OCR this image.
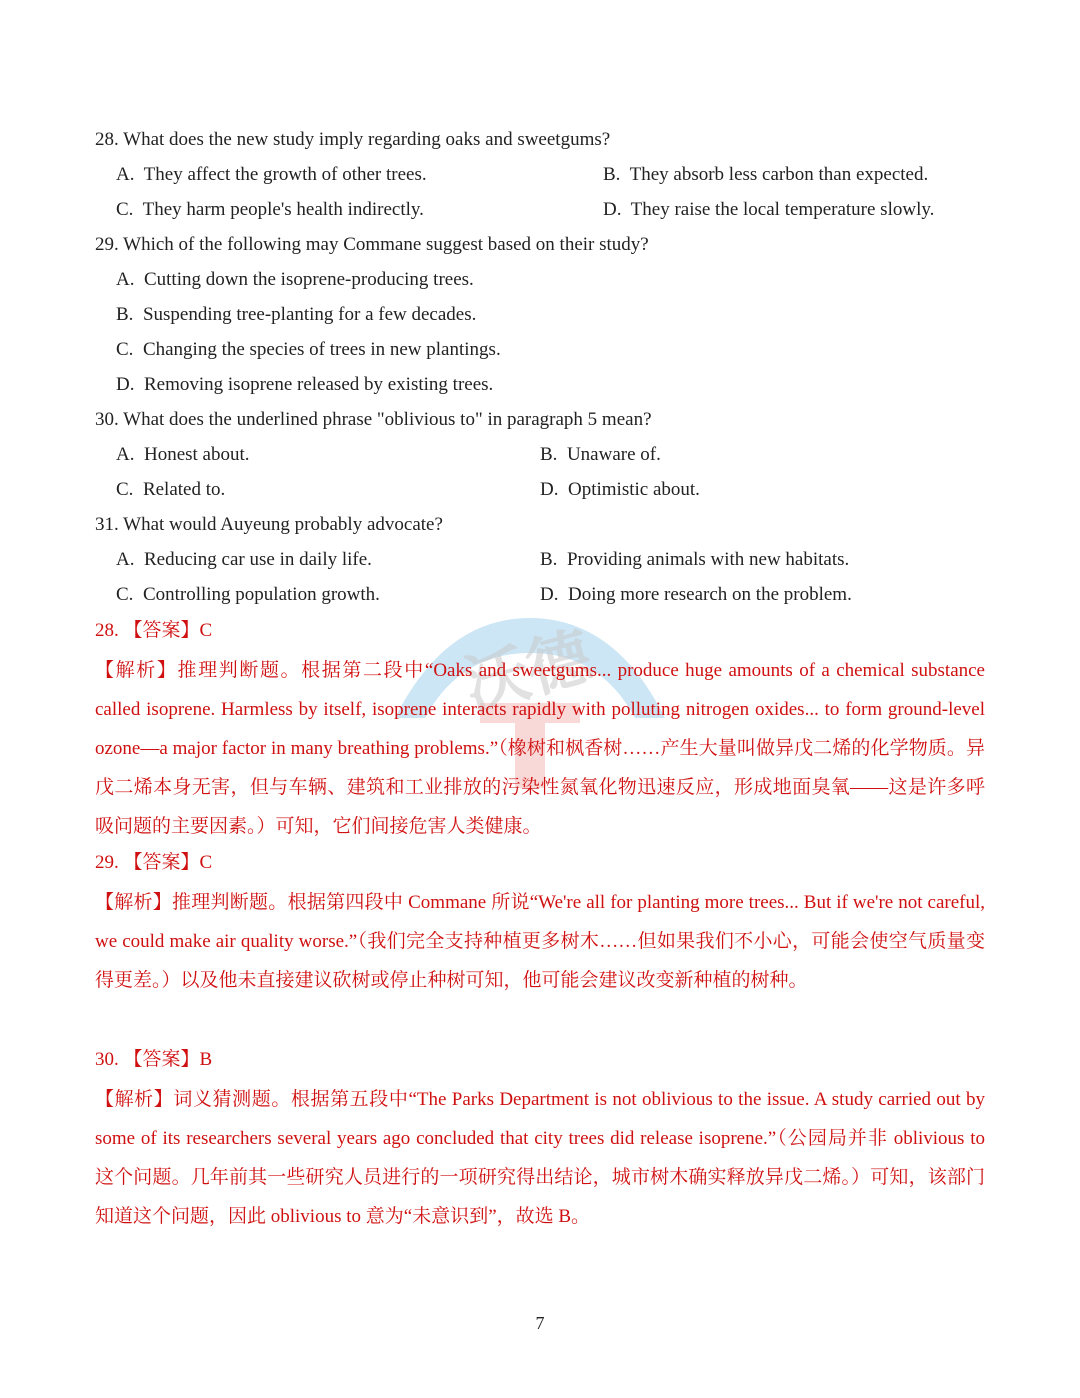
28. What does the new study imply regarding oaks and sweetgums?
A. They affect the growth of other trees.	B. They absorb less carbon than expected.
C. They harm people's health indirectly.	D. They raise the local temperature slowly.
29. Which of the following may Commane suggest based on their study?
A. Cutting down the isoprene-producing trees.
B. Suspending tree-planting for a few decades.
C. Changing the species of trees in new plantings.
D. Removing isoprene released by existing trees.
30. What does the underlined phrase "oblivious to" in paragraph 5 mean?
A. Honest about.	B. Unaware of.
C. Related to.	D. Optimistic about.
31. What would Auyeung probably advocate?
A. Reducing car use in daily life.	B. Providing animals with new habitats.
C. Controlling population growth.	D. Doing more research on the problem.
沃德
28. 【答案】C
【解析】推理判断题。根据第二段中“Oaks and sweetgums... produce huge amounts of a chemical substance called isoprene. Harmless by itself, isoprene interacts rapidly with polluting nitrogen oxides... to form ground-level ozone—a major factor in many breathing problems.”（橡树和枫香树……产生大量叫做异戊二烯的化学物质。异戊二烯本身无害，但与车辆、建筑和工业排放的污染性氮氧化物迅速反应，形成地面臭氧——这是许多呼吸问题的主要因素。）可知，它们间接危害人类健康。
29. 【答案】C
【解析】推理判断题。根据第四段中 Commane 所说“We're all for planting more trees... But if we're not careful, we could make air quality worse.”（我们完全支持种植更多树木……但如果我们不小心，可能会使空气质量变得更差。）以及他未直接建议砍树或停止种树可知，他可能会建议改变新种植的树种。
30. 【答案】B
【解析】词义猜测题。根据第五段中“The Parks Department is not oblivious to the issue. A study carried out by some of its researchers several years ago concluded that city trees did release isoprene.”（公园局并非 oblivious to 这个问题。几年前其一些研究人员进行的一项研究得出结论，城市树木确实释放异戊二烯。）可知，该部门知道这个问题，因此 oblivious to 意为“未意识到”，故选 B。
7
